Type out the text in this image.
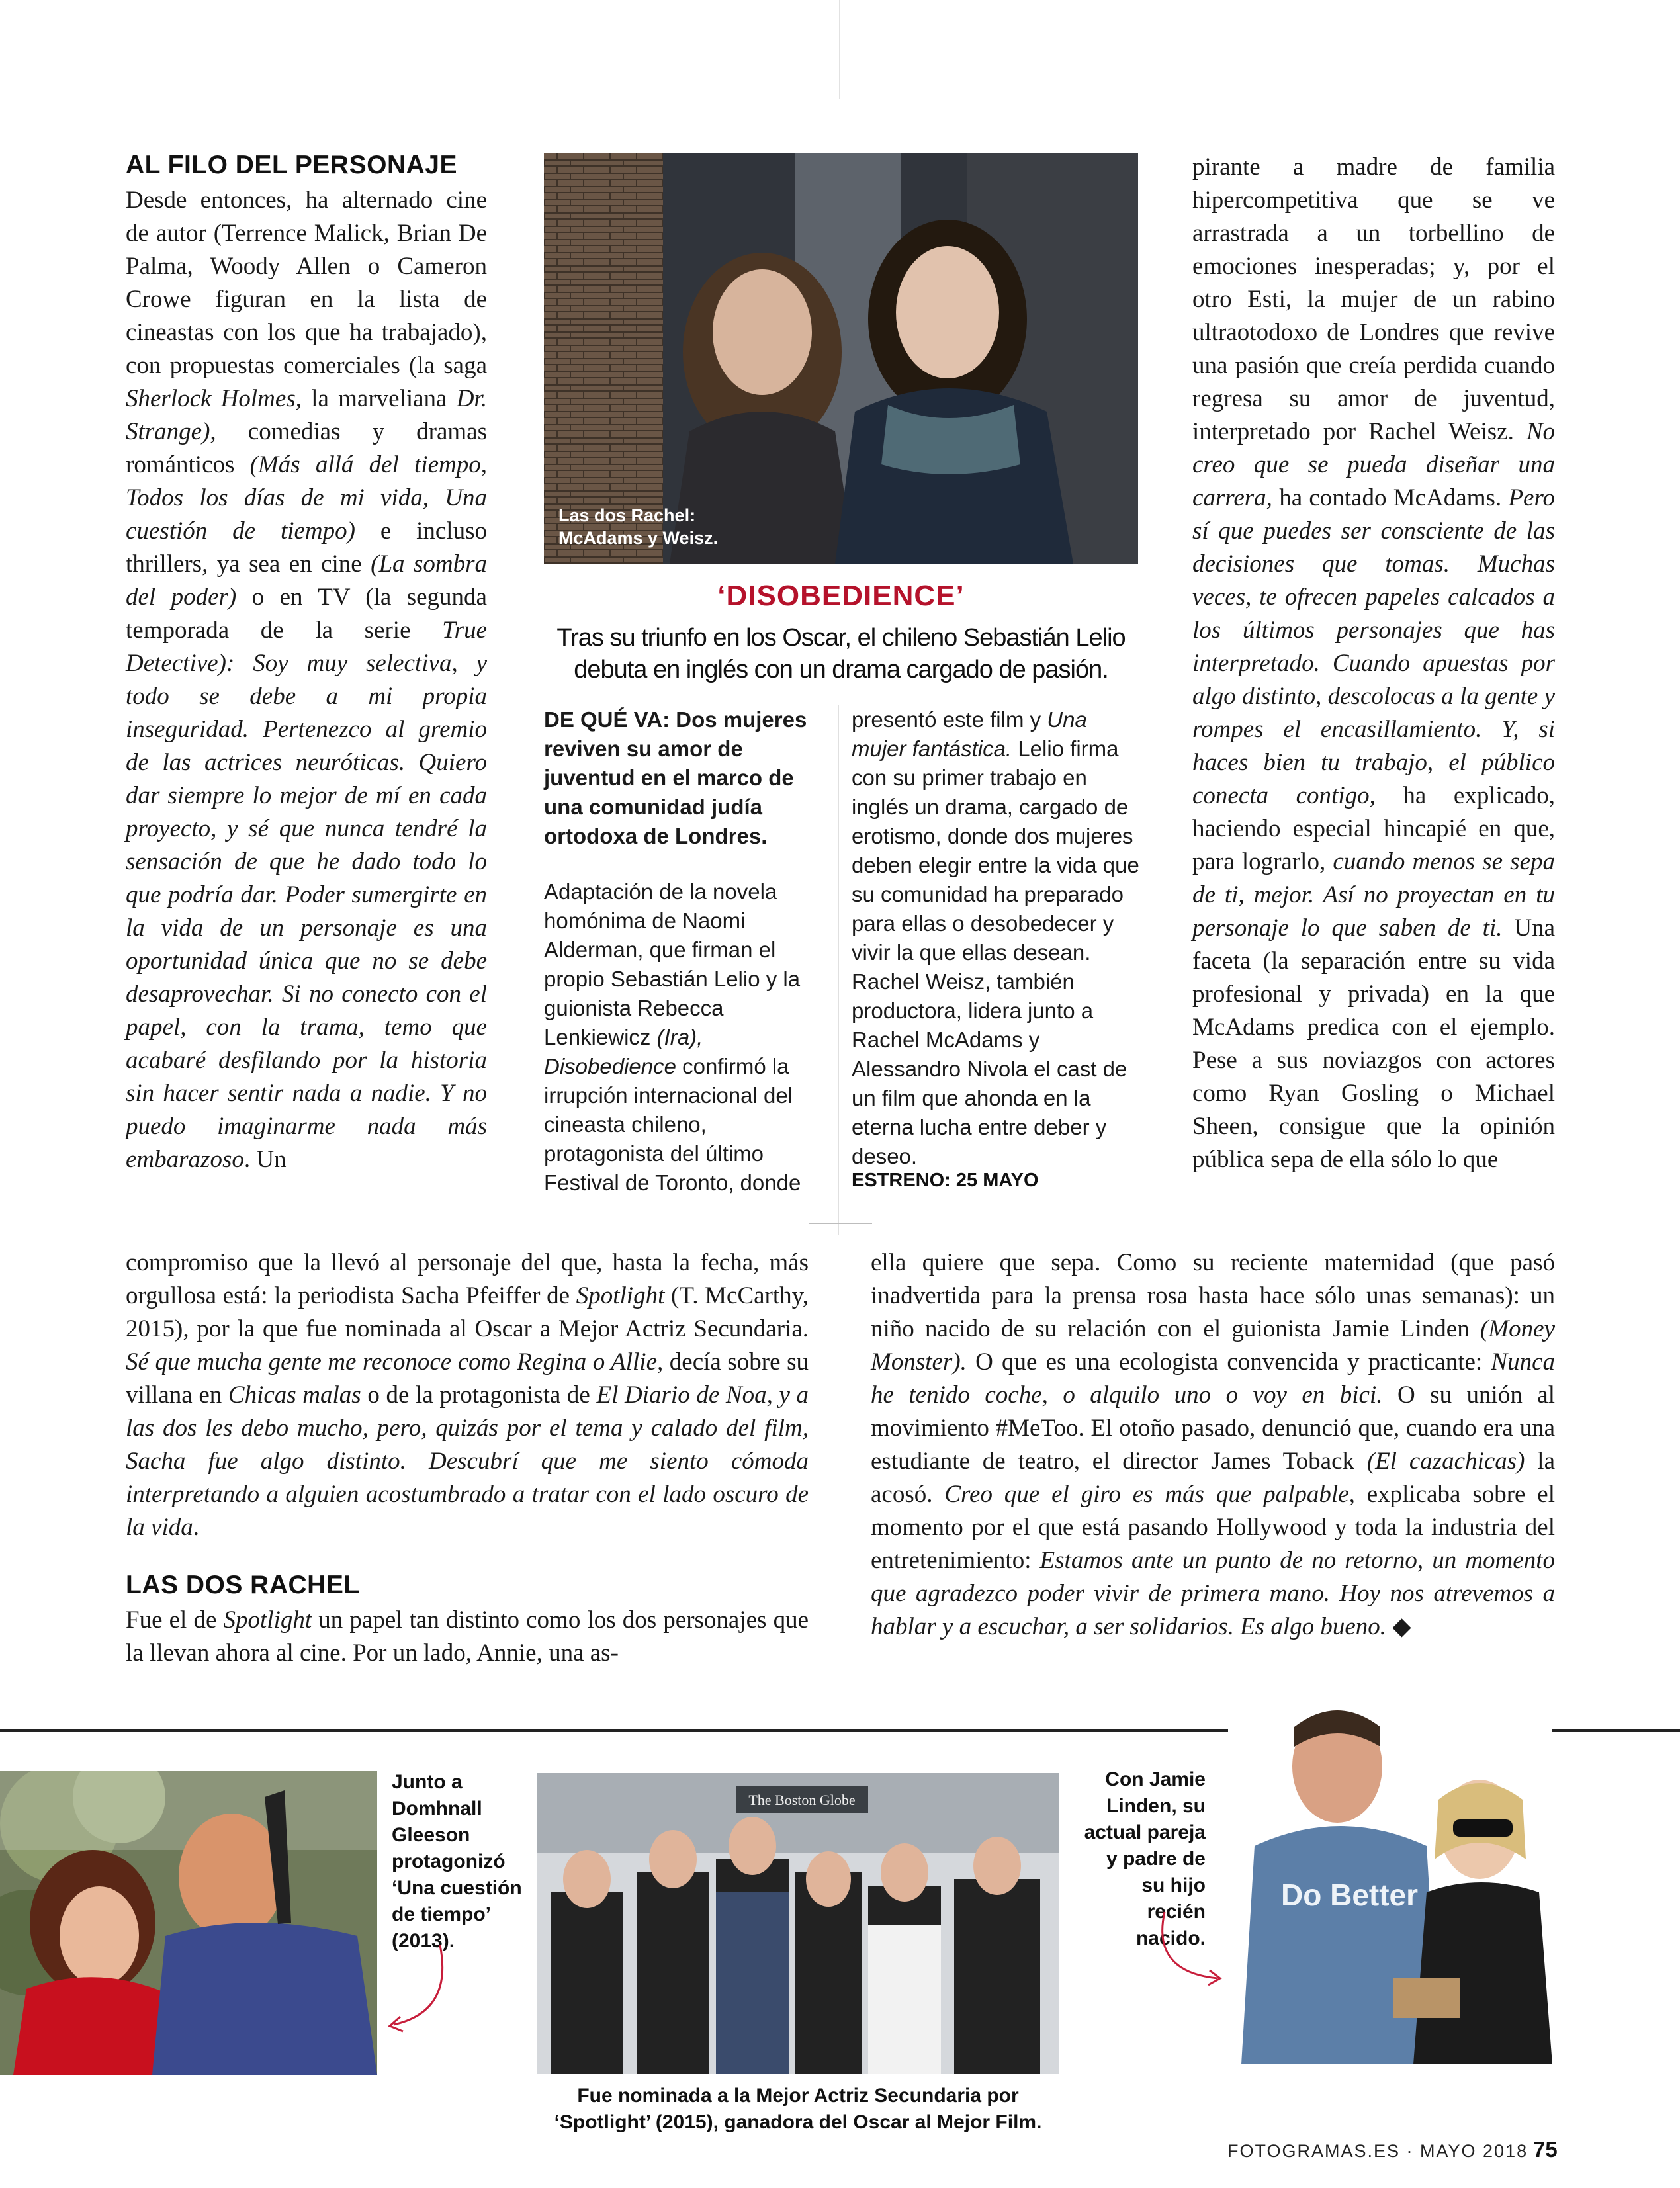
AL FILO DEL PERSONAJE

Desde entonces, ha alternado cine de autor (Terrence Malick, Brian De Palma, Woody Allen o Cameron Crowe figuran en la lista de cineastas con los que ha trabajado), con propuestas comerciales (la saga Sherlock Holmes, la marveliana Dr. Strange), comedias y dramas románticos (Más allá del tiempo, Todos los días de mi vida, Una cuestión de tiempo) e incluso thrillers, ya sea en cine (La sombra del poder) o en TV (la segunda temporada de la serie True Detective): Soy muy selectiva, y todo se debe a mi propia inseguridad. Pertenezco al gremio de las actrices neuróticas. Quiero dar siempre lo mejor de mí en cada proyecto, y sé que nunca tendré la sensación de que he dado todo lo que podría dar. Poder sumergirte en la vida de un personaje es una oportunidad única que no se debe desaprovechar. Si no conecto con el papel, con la trama, temo que acabaré desfilando por la historia sin hacer sentir nada a nadie. Y no puedo imaginarme nada más embarazoso. Un

pirante a madre de familia hipercompetitiva que se ve arrastrada a un torbellino de emociones inesperadas; y, por el otro Esti, la mujer de un rabino ultraotodoxo de Londres que revive una pasión que creía perdida cuando regresa su amor de juventud, interpretado por Rachel Weisz. No creo que se pueda diseñar una carrera, ha contado McAdams. Pero sí que puedes ser consciente de las decisiones que tomas. Muchas veces, te ofrecen papeles calcados a los últimos personajes que has interpretado. Cuando apuestas por algo distinto, descolocas a la gente y rompes el encasillamiento. Y, si haces bien tu trabajo, el público conecta contigo, ha explicado, haciendo especial hincapié en que, para lograrlo, cuando menos se sepa de ti, mejor. Así no proyectan en tu personaje lo que saben de ti. Una faceta (la separación entre su vida profesional y privada) en la que McAdams predica con el ejemplo. Pese a sus noviazgos con actores como Ryan Gosling o Michael Sheen, consigue que la opinión pública sepa de ella sólo lo que

Las dos Rachel: McAdams y Weisz.
‘DISOBEDIENCE’
Tras su triunfo en los Oscar, el chileno Sebastián Lelio debuta en inglés con un drama cargado de pasión.

DE QUÉ VA: Dos mujeres reviven su amor de juventud en el marco de una comunidad judía ortodoxa de Londres.

Adaptación de la novela homónima de Naomi Alderman, que firman el propio Sebastián Lelio y la guionista Rebecca Lenkiewicz (Ira), Disobedience confirmó la irrupción internacional del cineasta chileno, protagonista del último Festival de Toronto, donde

presentó este film y Una mujer fantástica. Lelio firma con su primer trabajo en inglés un drama, cargado de erotismo, donde dos mujeres deben elegir entre la vida que su comunidad ha preparado para ellas o desobedecer y vivir la que ellas desean. Rachel Weisz, también productora, lidera junto a Rachel McAdams y Alessandro Nivola el cast de un film que ahonda en la eterna lucha entre deber y deseo.

ESTRENO: 25 MAYO

compromiso que la llevó al personaje del que, hasta la fecha, más orgullosa está: la periodista Sacha Pfeiffer de Spotlight (T. McCarthy, 2015), por la que fue nominada al Oscar a Mejor Actriz Secundaria. Sé que mucha gente me reconoce como Regina o Allie, decía sobre su villana en Chicas malas o de la protagonista de El Diario de Noa, y a las dos les debo mucho, pero, quizás por el tema y calado del film, Sacha fue algo distinto. Descubrí que me siento cómoda interpretando a alguien acostumbrado a tratar con el lado oscuro de la vida.

LAS DOS RACHEL

Fue el de Spotlight un papel tan distinto como los dos personajes que la llevan ahora al cine. Por un lado, Annie, una as-

ella quiere que sepa. Como su reciente maternidad (que pasó inadvertida para la prensa rosa hasta hace sólo unas semanas): un niño nacido de su relación con el guionista Jamie Linden (Money Monster). O que es una ecologista convencida y practicante: Nunca he tenido coche, o alquilo uno o voy en bici. O su unión al movimiento #MeToo. El otoño pasado, denunció que, cuando era una estudiante de teatro, el director James Toback (El cazachicas) la acosó. Creo que el giro es más que palpable, explicaba sobre el momento por el que está pasando Hollywood y toda la industria del entretenimiento: Estamos ante un punto de no retorno, un momento que agradezco poder vivir de primera mano. Hoy nos atrevemos a hablar y a escuchar, a ser solidarios. Es algo bueno. ◆

Junto a Domhnall Gleeson protagonizó ‘Una cuestión de tiempo’ (2013).
The Boston Globe
Fue nominada a la Mejor Actriz Secundaria por ‘Spotlight’ (2015), ganadora del Oscar al Mejor Film.
Con Jamie Linden, su actual pareja y padre de su hijo recién nacido.
Do Better
FOTOGRAMAS.ES · MAYO 2018 75
